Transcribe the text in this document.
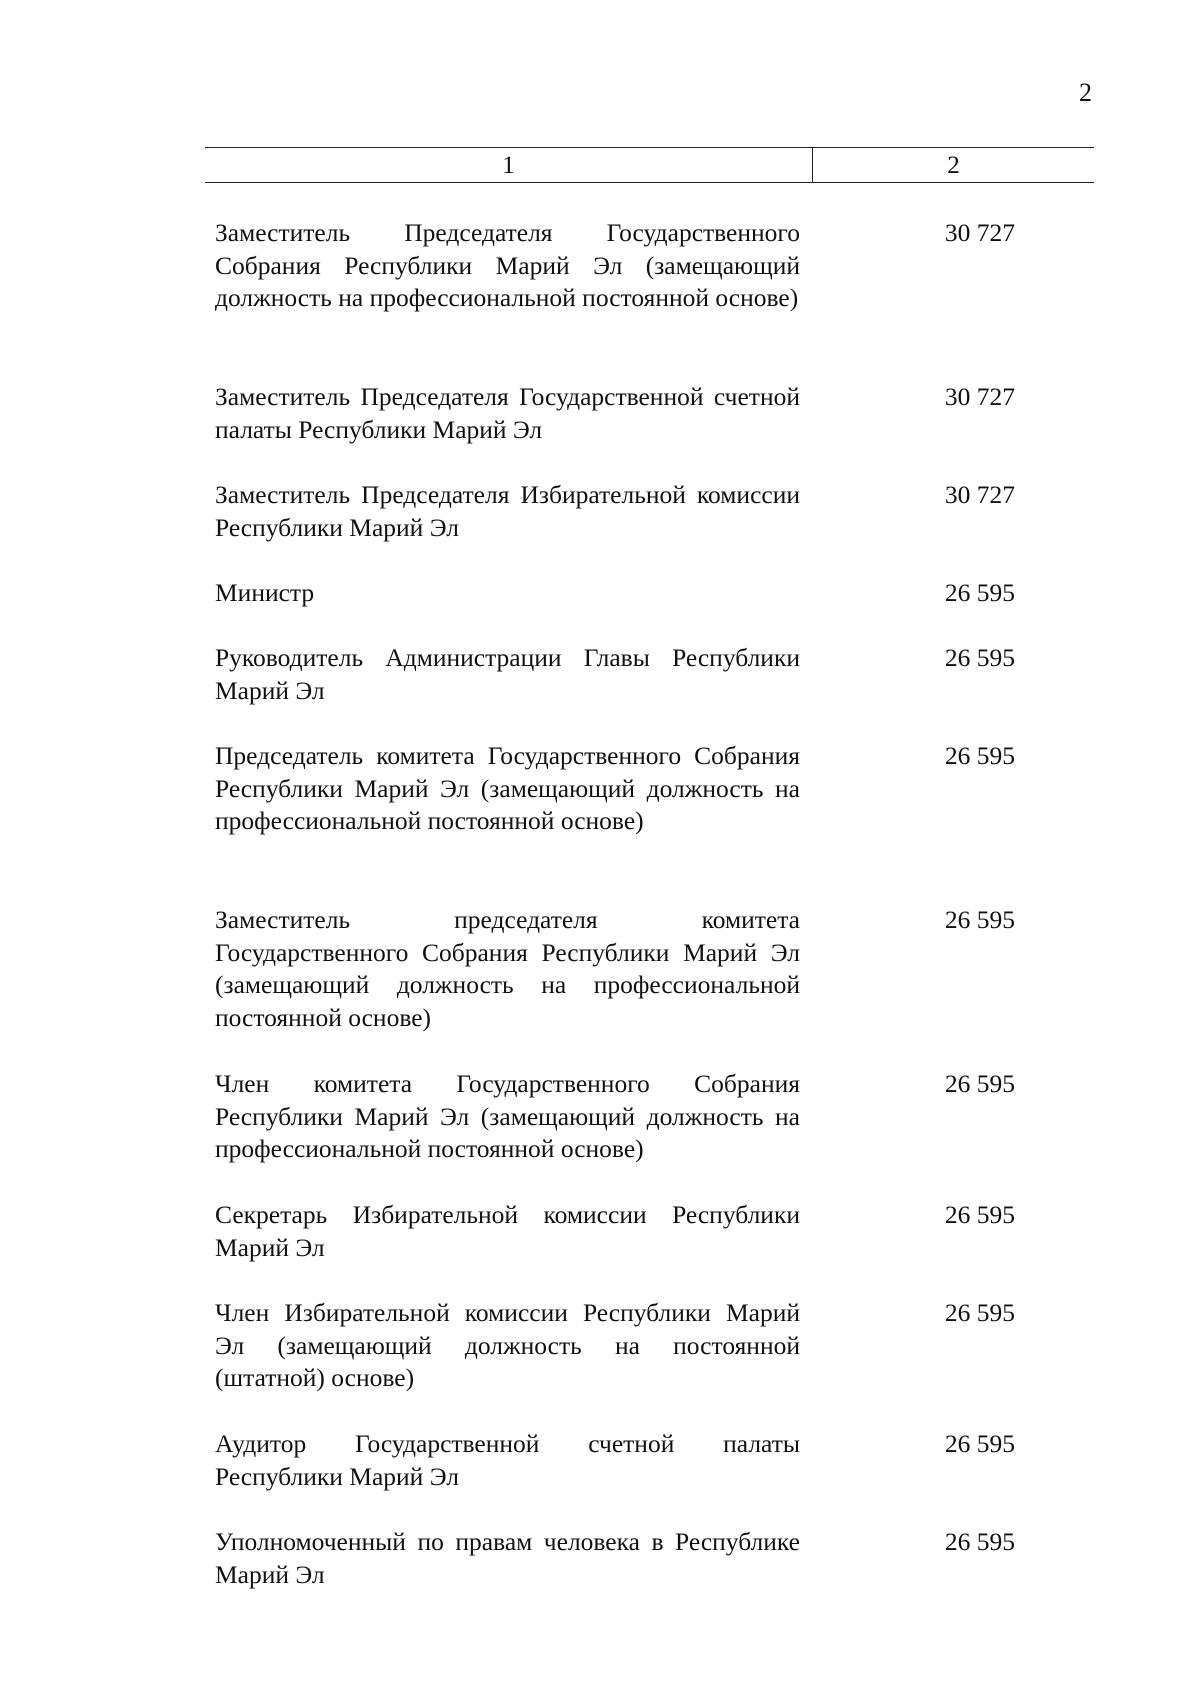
2
1	2
Заместитель Председателя Государственного Собрания Республики Марий Эл (замещающий должность на профессиональной постоянной основе)
30 727
Заместитель Председателя Государственной счетной палаты Республики Марий Эл
30 727
Заместитель Председателя Избирательной комиссии Республики Марий Эл
30 727
Министр	26 595
Руководитель Администрации Главы Республики Марий Эл
26 595
Председатель комитета Государственного Собрания Республики Марий Эл (замещающий должность на профессиональной постоянной основе)
26 595
Заместитель председателя комитета Государственного Собрания Республики Марий Эл (замещающий должность на профессиональной постоянной основе)
26 595
Член комитета Государственного Собрания Республики Марий Эл (замещающий должность на профессиональной постоянной основе)
26 595
Секретарь Избирательной комиссии Республики Марий Эл
26 595
Член Избирательной комиссии Республики Марий Эл (замещающий должность на постоянной (штатной) основе)
26 595
Аудитор Государственной счетной палаты Республики Марий Эл
26 595
Уполномоченный по правам человека в Республике Марий Эл
26 595
